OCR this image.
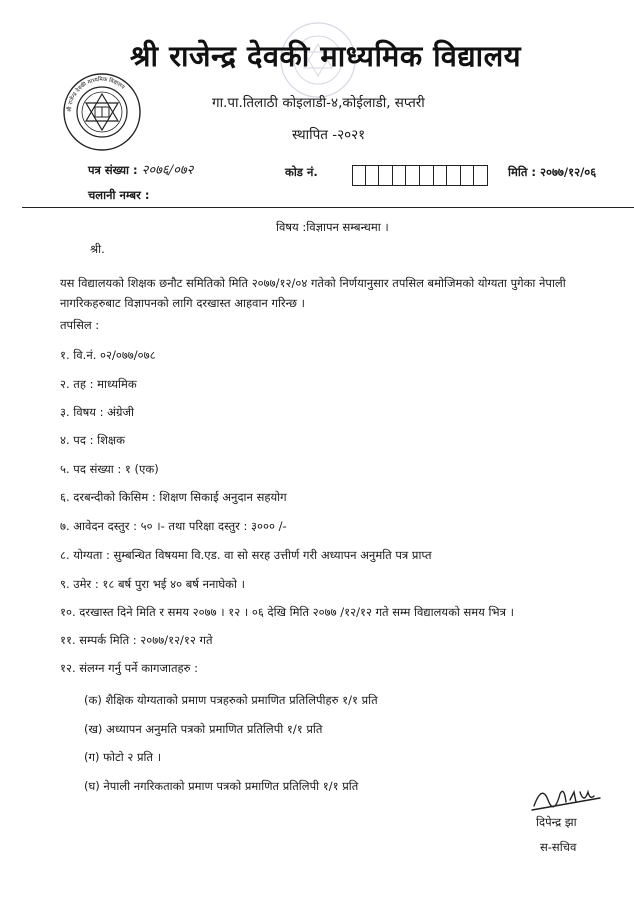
श्री राजेन्द्र देवकी माध्यमिक विद्यालय
श्री राजेन्द्र देवकी माध्यमिक विद्यालय
गा.पा.तिलाठी कोइलाडी-४,कोईलाडी, सप्तरी
स्थापित -२०२१
पत्र संख्या : २०७६/०७२	कोड नं.	मिति : २०७७/१२/०६
चलानी नम्बर :
विषय :विज्ञापन सम्बन्धमा ।
श्री.
यस विद्यालयको शिक्षक छनौट समितिको मिति २०७७/१२/०४ गतेको निर्णयानुसार तपसिल बमोजिमको योग्यता पुगेका नेपाली नागरिकहरुबाट विज्ञापनको लागि दरखास्त आहवान गरिन्छ ।
तपसिल :
१. वि.नं. ०२/०७७/०७८
२. तह : माध्यमिक
३. विषय : अंग्रेजी
४. पद : शिक्षक
५. पद संख्या : १ (एक)
६. दरबन्दीको किसिम : शिक्षण सिकाई अनुदान सहयोग
७. आवेदन दस्तुर : ५० ।- तथा परिक्षा दस्तुर : ३००० /-
८. योग्यता : सुम्बन्धित विषयमा वि.एड. वा सो सरह उत्तीर्ण गरी अध्यापन अनुमति पत्र प्राप्त
९. उमेर : १८ बर्ष पुरा भई ४० बर्ष ननाघेको ।
१०. दरखास्त दिने मिति र समय २०७७ । १२ । ०६ देखि मिति २०७७ /१२/१२ गते सम्म विद्यालयको समय भित्र ।
११. सम्पर्क मिति : २०७७/१२/१२ गते
१२. संलग्न गर्नु पर्ने कागजातहरु :
(क) शैक्षिक योग्यताको प्रमाण पत्रहरुको प्रमाणित प्रतिलिपीहरु १/१ प्रति
(ख) अध्यापन अनुमति पत्रको प्रमाणित प्रतिलिपी १/१ प्रति
(ग) फोटो २ प्रति ।
(घ) नेपाली नगरिकताको प्रमाण पत्रको प्रमाणित प्रतिलिपी १/१ प्रति
दिपेन्द्र झा
स-सचिव
